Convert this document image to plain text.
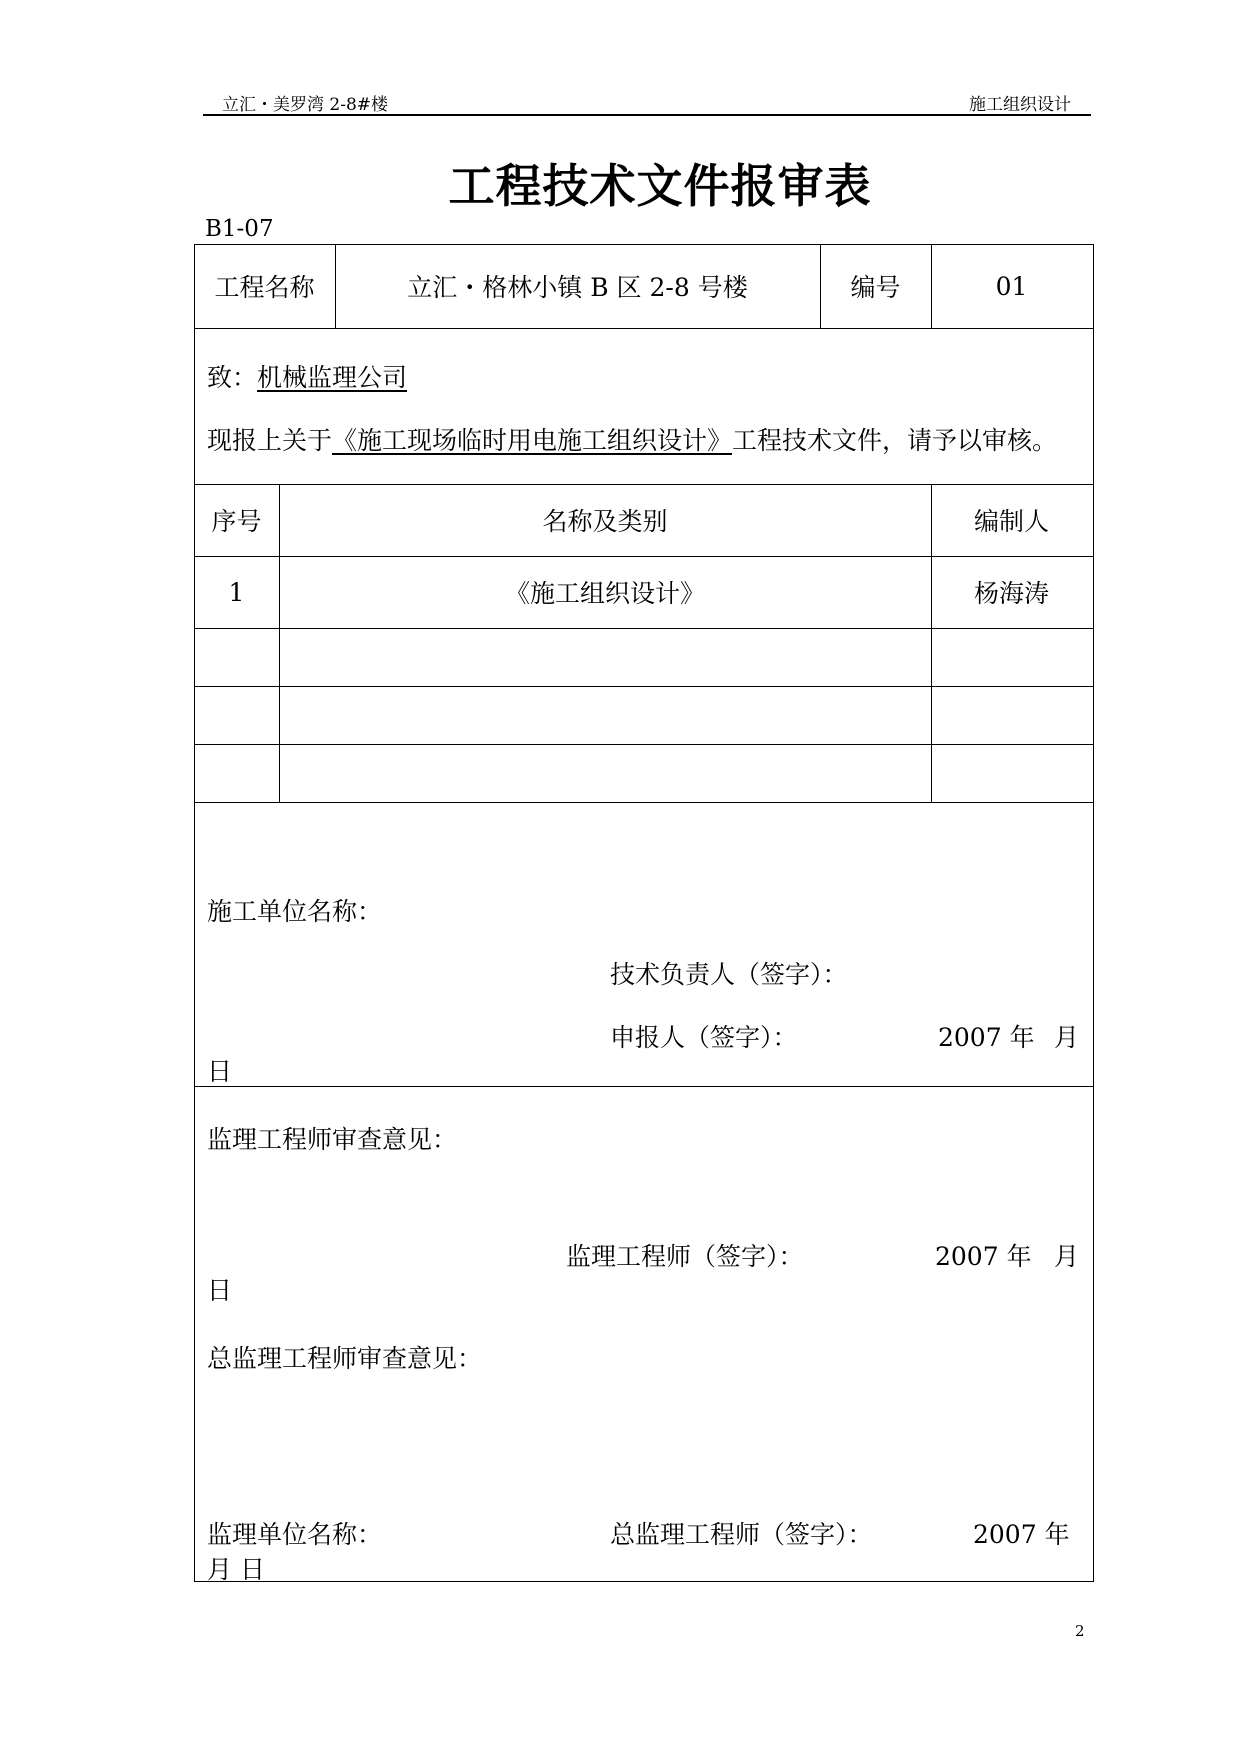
立汇・美罗湾 2-8#楼	施工组织设计
工程技术文件报审表
B1-07
工程名称	立汇・格林小镇 B 区 2-8 号楼	编号	01
致：机械监理公司
现报上关于《施工现场临时用电施工组织设计》工程技术文件，请予以审核。
序号	名称及类别	编制人
1	《施工组织设计》	杨海涛
施工单位名称：
技术负责人（签字）：
申报人（签字）：	2007 年 月
日
监理工程师审查意见：
监理工程师（签字）：	2007 年 月
日
总监理工程师审查意见：
监理单位名称：	总监理工程师（签字）：	2007 年
月 日
2
